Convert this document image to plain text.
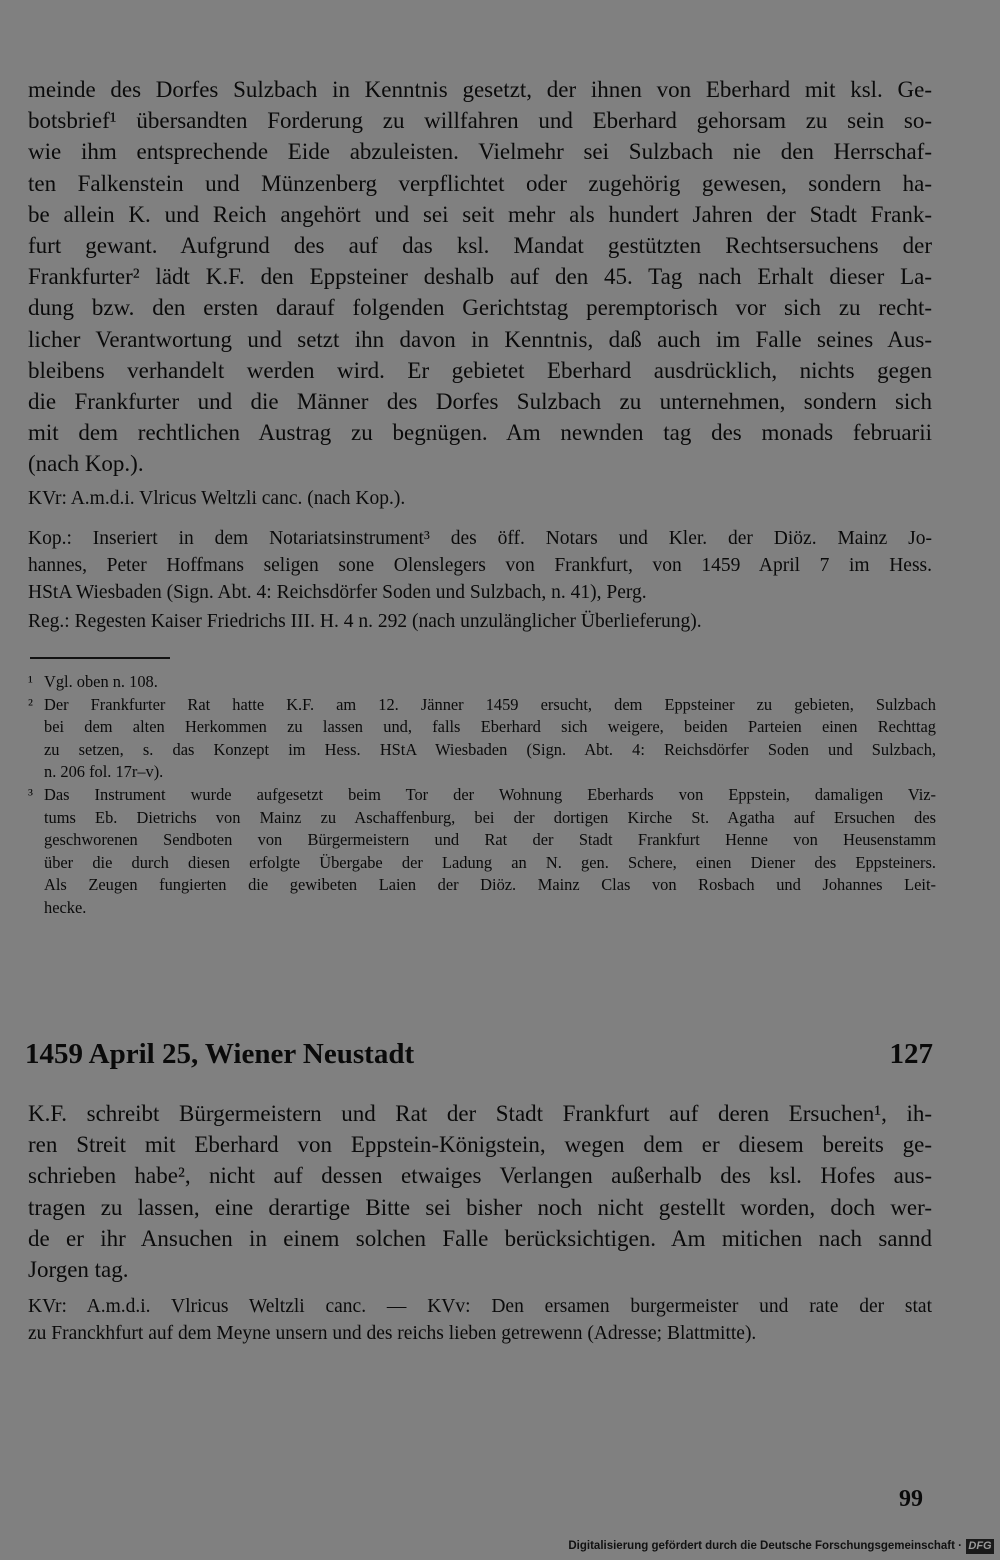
meinde des Dorfes Sulzbach in Kenntnis gesetzt, der ihnen von Eberhard mit ksl. Ge-
botsbrief¹ übersandten Forderung zu willfahren und Eberhard gehorsam zu sein so-
wie ihm entsprechende Eide abzuleisten. Vielmehr sei Sulzbach nie den Herrschaf-
ten Falkenstein und Münzenberg verpflichtet oder zugehörig gewesen, sondern ha-
be allein K. und Reich angehört und sei seit mehr als hundert Jahren der Stadt Frank-
furt gewant. Aufgrund des auf das ksl. Mandat gestützten Rechtsersuchens der
Frankfurter² lädt K.F. den Eppsteiner deshalb auf den 45. Tag nach Erhalt dieser La-
dung bzw. den ersten darauf folgenden Gerichtstag peremptorisch vor sich zu recht-
licher Verantwortung und setzt ihn davon in Kenntnis, daß auch im Falle seines Aus-
bleibens verhandelt werden wird. Er gebietet Eberhard ausdrücklich, nichts gegen
die Frankfurter und die Männer des Dorfes Sulzbach zu unternehmen, sondern sich
mit dem rechtlichen Austrag zu begnügen. Am newnden tag des monads februarii
(nach Kop.).
KVr: A.m.d.i. Vlricus Weltzli canc. (nach Kop.).
Kop.: Inseriert in dem Notariatsinstrument³ des öff. Notars und Kler. der Diöz. Mainz Jo-
hannes, Peter Hoffmans seligen sone Olenslegers von Frankfurt, von 1459 April 7 im Hess.
HStA Wiesbaden (Sign. Abt. 4: Reichsdörfer Soden und Sulzbach, n. 41), Perg.
Reg.: Regesten Kaiser Friedrichs III. H. 4 n. 292 (nach unzulänglicher Überlieferung).
¹ Vgl. oben n. 108.
² Der Frankfurter Rat hatte K.F. am 12. Jänner 1459 ersucht, dem Eppsteiner zu gebieten, Sulzbach
bei dem alten Herkommen zu lassen und, falls Eberhard sich weigere, beiden Parteien einen Rechttag
zu setzen, s. das Konzept im Hess. HStA Wiesbaden (Sign. Abt. 4: Reichsdörfer Soden und Sulzbach,
n. 206 fol. 17r–v).
³ Das Instrument wurde aufgesetzt beim Tor der Wohnung Eberhards von Eppstein, damaligen Viz-
tums Eb. Dietrichs von Mainz zu Aschaffenburg, bei der dortigen Kirche St. Agatha auf Ersuchen des
geschworenen Sendboten von Bürgermeistern und Rat der Stadt Frankfurt Henne von Heusenstamm
über die durch diesen erfolgte Übergabe der Ladung an N. gen. Schere, einen Diener des Eppsteiners.
Als Zeugen fungierten die gewibeten Laien der Diöz. Mainz Clas von Rosbach und Johannes Leit-
hecke.
1459 April 25, Wiener Neustadt	127
K.F. schreibt Bürgermeistern und Rat der Stadt Frankfurt auf deren Ersuchen¹, ih-
ren Streit mit Eberhard von Eppstein-Königstein, wegen dem er diesem bereits ge-
schrieben habe², nicht auf dessen etwaiges Verlangen außerhalb des ksl. Hofes aus-
tragen zu lassen, eine derartige Bitte sei bisher noch nicht gestellt worden, doch wer-
de er ihr Ansuchen in einem solchen Falle berücksichtigen. Am mitichen nach sannd
Jorgen tag.
KVr: A.m.d.i. Vlricus Weltzli canc. — KVv: Den ersamen burgermeister und rate der stat
zu Franckhfurt auf dem Meyne unsern und des reichs lieben getrewenn (Adresse; Blattmitte).
99
Digitalisierung gefördert durch die Deutsche Forschungsgemeinschaft · DFG
